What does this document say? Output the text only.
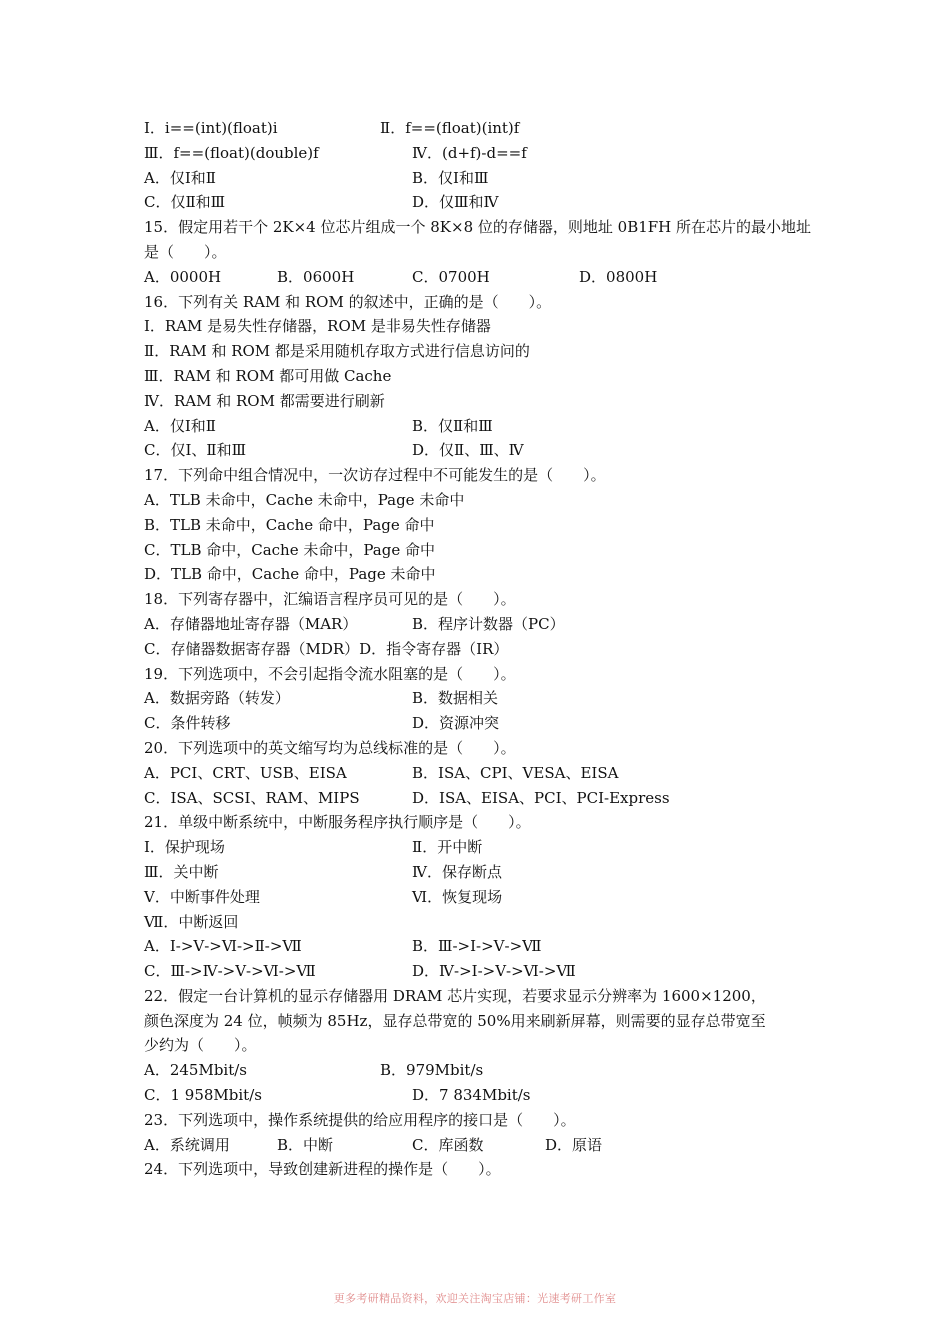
Ⅰ．i==(int)(float)i	Ⅱ．f==(float)(int)f
Ⅲ．f==(float)(double)f	Ⅳ．(d+f)-d==f
A．仅Ⅰ和Ⅱ	B．仅Ⅰ和Ⅲ
C．仅Ⅱ和Ⅲ	D．仅Ⅲ和Ⅳ
15．假定用若干个 2K×4 位芯片组成一个 8K×8 位的存储器，则地址 0B1FH 所在芯片的最小地址是（　　）。
A．0000H	B．0600H	C．0700H	D．0800H
16．下列有关 RAM 和 ROM 的叙述中，正确的是（　　）。
Ⅰ．RAM 是易失性存储器，ROM 是非易失性存储器
Ⅱ．RAM 和 ROM 都是采用随机存取方式进行信息访问的
Ⅲ．RAM 和 ROM 都可用做 Cache
Ⅳ．RAM 和 ROM 都需要进行刷新
A．仅Ⅰ和Ⅱ	B．仅Ⅱ和Ⅲ
C．仅Ⅰ、Ⅱ和Ⅲ	D．仅Ⅱ、Ⅲ、Ⅳ
17．下列命中组合情况中，一次访存过程中不可能发生的是（　　）。
A．TLB 未命中，Cache 未命中，Page 未命中
B．TLB 未命中，Cache 命中，Page 命中
C．TLB 命中，Cache 未命中，Page 命中
D．TLB 命中，Cache 命中，Page 未命中
18．下列寄存器中，汇编语言程序员可见的是（　　）。
A．存储器地址寄存器（MAR）	B．程序计数器（PC）
C．存储器数据寄存器（MDR）D．指令寄存器（IR）
19．下列选项中，不会引起指令流水阻塞的是（　　）。
A．数据旁路（转发）	B．数据相关
C．条件转移	D．资源冲突
20．下列选项中的英文缩写均为总线标准的是（　　）。
A．PCI、CRT、USB、EISA	B．ISA、CPI、VESA、EISA
C．ISA、SCSI、RAM、MIPS	D．ISA、EISA、PCI、PCI-Express
21．单级中断系统中，中断服务程序执行顺序是（　　）。
Ⅰ．保护现场	Ⅱ．开中断
Ⅲ．关中断	Ⅳ．保存断点
Ⅴ．中断事件处理	Ⅵ．恢复现场
Ⅶ．中断返回
A．Ⅰ->Ⅴ->Ⅵ->Ⅱ->Ⅶ	B．Ⅲ->Ⅰ->Ⅴ->Ⅶ
C．Ⅲ->Ⅳ->Ⅴ->Ⅵ->Ⅶ	D．Ⅳ->Ⅰ->Ⅴ->Ⅵ->Ⅶ
22．假定一台计算机的显示存储器用 DRAM 芯片实现，若要求显示分辨率为 1600×1200，
颜色深度为 24 位，帧频为 85Hz，显存总带宽的 50%用来刷新屏幕，则需要的显存总带宽至
少约为（　　）。
A．245Mbit/s	B．979Mbit/s
C．1 958Mbit/s	D．7 834Mbit/s
23．下列选项中，操作系统提供的给应用程序的接口是（　　）。
A．系统调用	B．中断	C．库函数	D．原语
24．下列选项中，导致创建新进程的操作是（　　）。
更多考研精品资料，欢迎关注淘宝店铺：光速考研工作室
